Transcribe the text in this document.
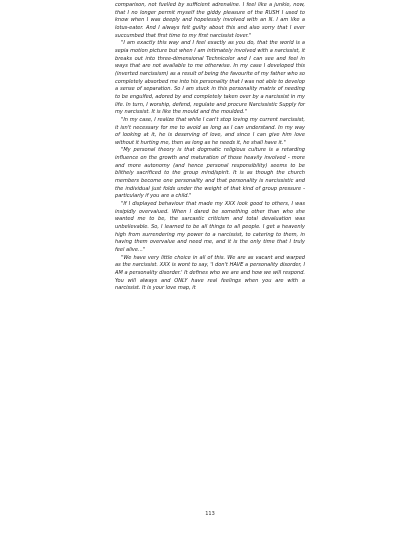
comparison, not fuelled by sufficient adrenaline. I feel like a junkie, now, that I no longer permit myself the giddy pleasure of the RUSH I used to know when I was deeply and hopelessly involved with an N. I am like a lotus-eater. And I always felt guilty about this and also sorry that I ever succumbed that first time to my first narcissist lover."

"I am exactly this way and I feel exactly as you do, that the world is a sepia motion picture but when I am intimately involved with a narcissist, it breaks out into three-dimensional Technicolor and I can see and feel in ways that are not available to me otherwise. In my case I developed this (inverted narcissism) as a result of being the favourite of my father who so completely absorbed me into his personality that I was not able to develop a sense of separation. So I am stuck in this personality matrix of needing to be engulfed, adored by and completely taken over by a narcissist in my life. In turn, I worship, defend, regulate and procure Narcissistic Supply for my narcissist. It is like the mould and the moulded."

"In my case, I realize that while I can't stop loving my current narcissist, it isn't necessary for me to avoid as long as I can understand. In my way of looking at it, he is deserving of love, and since I can give him love without it hurting me, then as long as he needs it, he shall have it."

"My personal theory is that dogmatic religious culture is a retarding influence on the growth and maturation of those heavily involved - more and more autonomy (and hence personal responsibility) seems to be blithely sacrificed to the group mind/spirit. It is as though the church members become one personality and that personality is narcissistic and the individual just folds under the weight of that kind of group pressure - particularly if you are a child."

"If I displayed behaviour that made my XXX look good to others, I was insipidly overvalued. When I dared be something other than who she wanted me to be, the sarcastic criticism and total devaluation was unbelievable. So, I learned to be all things to all people. I get a heavenly high from surrendering my power to a narcissist, to catering to them, in having them overvalue and need me, and it is the only time that I truly feel alive..."

"We have very little choice in all of this. We are as vacant and warped as the narcissist. XXX is wont to say, 'I don't HAVE a personality disorder, I AM a personality disorder.' It defines who we are and how we will respond. You will always and ONLY have real feelings when you are with a narcissist. It is your love map, it

113
